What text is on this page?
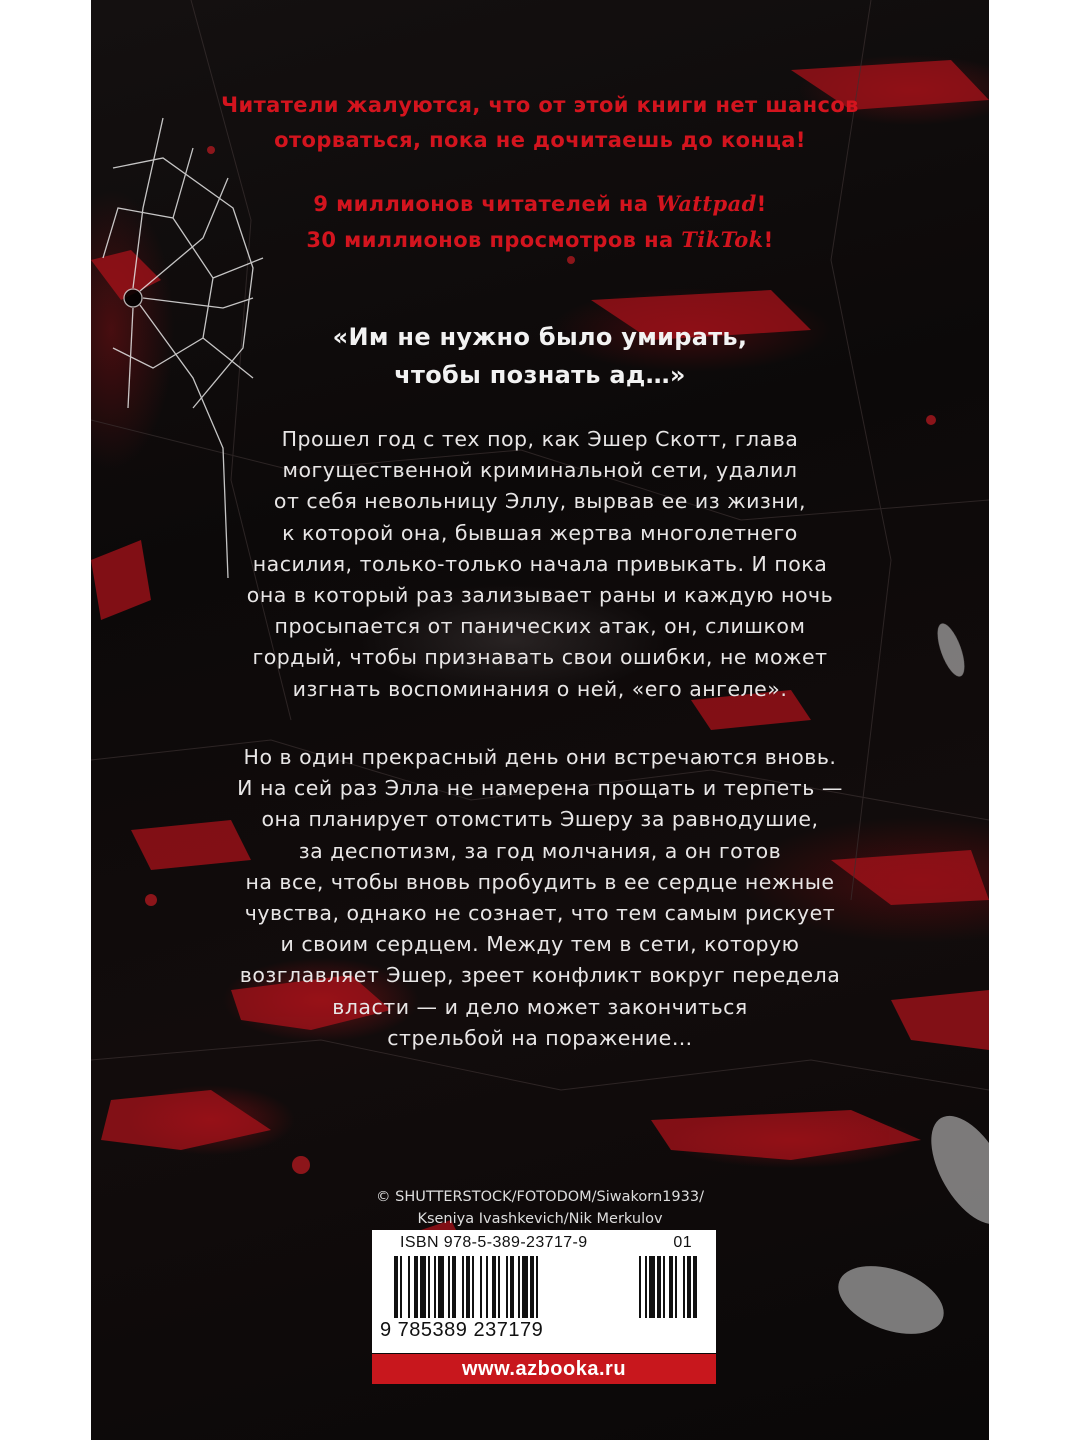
Читатели жалуются, что от этой книги нет шансов
оторваться, пока не дочитаешь до конца!
9 миллионов читателей на Wattpad!
30 миллионов просмотров на TikTok!
«Им не нужно было умирать,
чтобы познать ад…»

Прошел год с тех пор, как Эшер Скотт, глава

могущественной криминальной сети, удалил

от себя невольницу Эллу, вырвав ее из жизни,

к которой она, бывшая жертва многолетнего

насилия, только-только начала привыкать. И пока

она в который раз зализывает раны и каждую ночь

просыпается от панических атак, он, слишком

гордый, чтобы признавать свои ошибки, не может

изгнать воспоминания о ней, «его ангеле».

Но в один прекрасный день они встречаются вновь.

И на сей раз Элла не намерена прощать и терпеть —

она планирует отомстить Эшеру за равнодушие,

за деспотизм, за год молчания, а он готов

на все, чтобы вновь пробудить в ее сердце нежные

чувства, однако не сознает, что тем самым рискует

и своим сердцем. Между тем в сети, которую

возглавляет Эшер, зреет конфликт вокруг передела

власти — и дело может закончиться

стрельбой на поражение…

© SHUTTERSTOCK/FOTODOM/Siwakorn1933/
Kseniya Ivashkevich/Nik Merkulov
ISBN 978-5-389-23717-9	01
9 785389 237179
www.azbooka.ru
